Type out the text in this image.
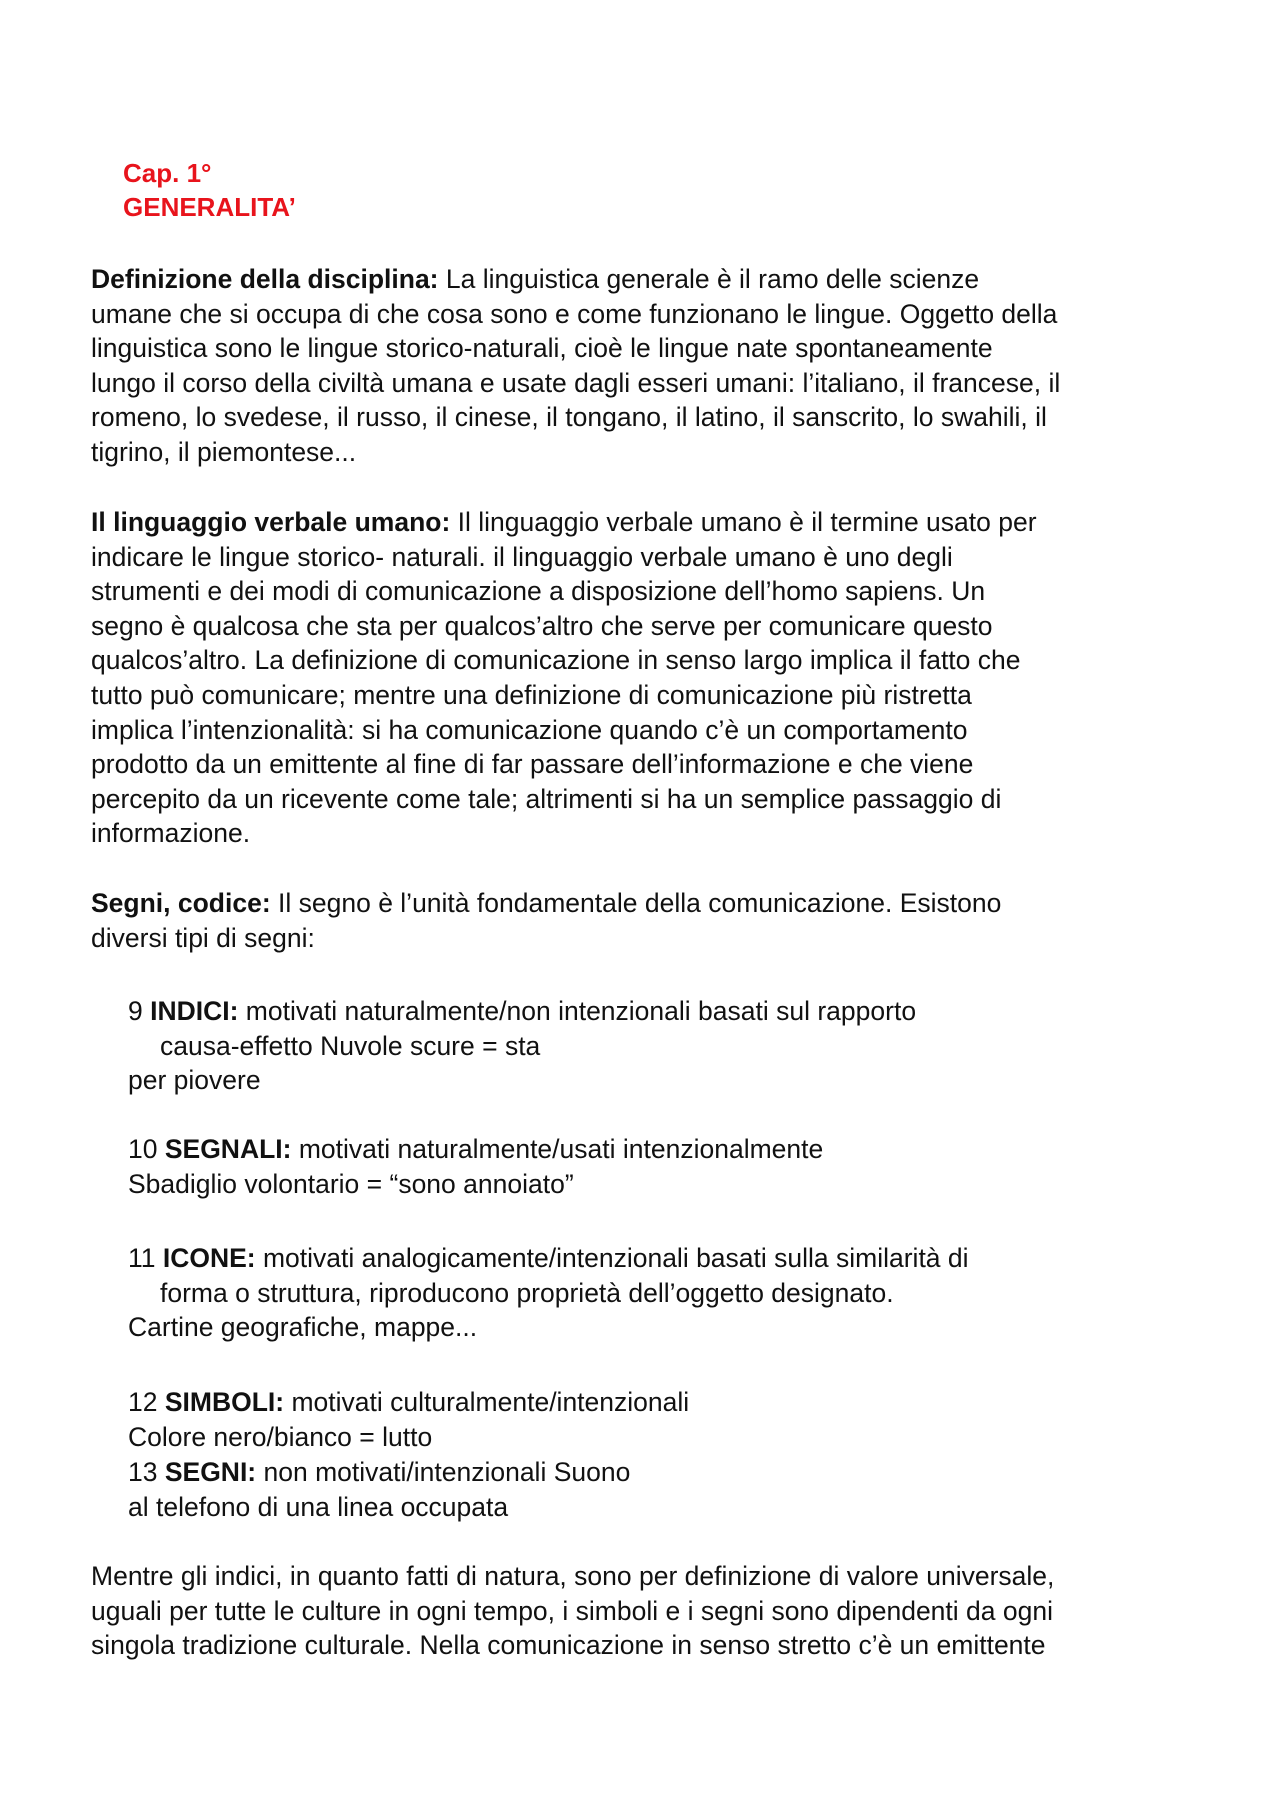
Cap. 1°
GENERALITA’

Definizione della disciplina: La linguistica generale è il ramo delle scienze
umane che si occupa di che cosa sono e come funzionano le lingue. Oggetto della
linguistica sono le lingue storico-naturali, cioè le lingue nate spontaneamente
lungo il corso della civiltà umana e usate dagli esseri umani: l’italiano, il francese, il
romeno, lo svedese, il russo, il cinese, il tongano, il latino, il sanscrito, lo swahili, il
tigrino, il piemontese...

Il linguaggio verbale umano: Il linguaggio verbale umano è il termine usato per
indicare le lingue storico- naturali. il linguaggio verbale umano è uno degli
strumenti e dei modi di comunicazione a disposizione dell’homo sapiens. Un
segno è qualcosa che sta per qualcos’altro che serve per comunicare questo
qualcos’altro. La definizione di comunicazione in senso largo implica il fatto che
tutto può comunicare; mentre una definizione di comunicazione più ristretta
implica l’intenzionalità: si ha comunicazione quando c’è un comportamento
prodotto da un emittente al fine di far passare dell’informazione e che viene
percepito da un ricevente come tale; altrimenti si ha un semplice passaggio di
informazione.

Segni, codice: Il segno è l’unità fondamentale della comunicazione. Esistono
diversi tipi di segni:

9 INDICI: motivati naturalmente/non intenzionali basati sul rapporto
causa-effetto Nuvole scure = sta
per piovere
10 SEGNALI: motivati naturalmente/usati intenzionalmente
Sbadiglio volontario = “sono annoiato”
11 ICONE: motivati analogicamente/intenzionali basati sulla similarità di
forma o struttura, riproducono proprietà dell’oggetto designato.
Cartine geografiche, mappe...
12 SIMBOLI: motivati culturalmente/intenzionali
Colore nero/bianco = lutto
13 SEGNI: non motivati/intenzionali Suono
al telefono di una linea occupata

Mentre gli indici, in quanto fatti di natura, sono per definizione di valore universale,
uguali per tutte le culture in ogni tempo, i simboli e i segni sono dipendenti da ogni
singola tradizione culturale. Nella comunicazione in senso stretto c’è un emittente
